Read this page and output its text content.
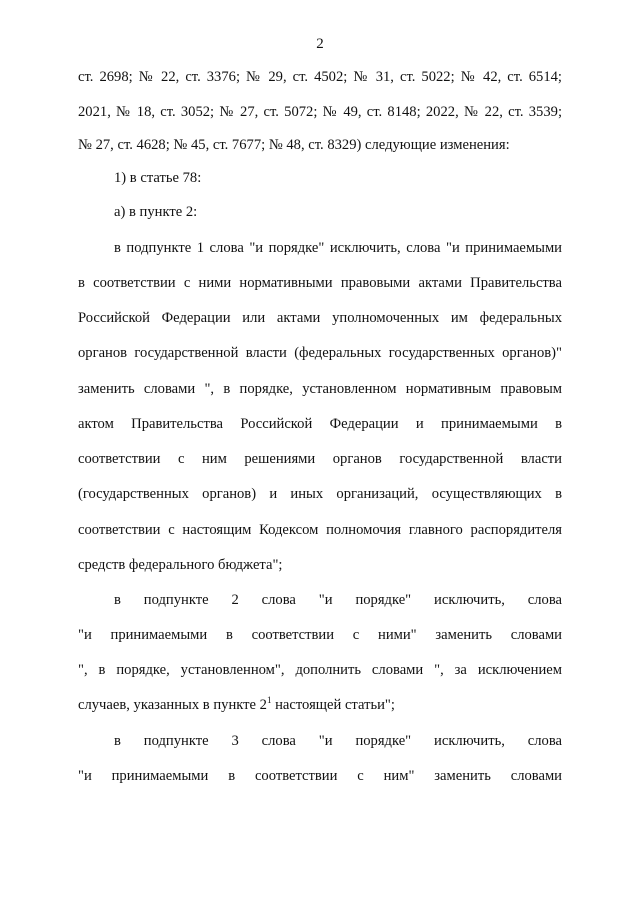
2
ст. 2698; № 22, ст. 3376; № 29, ст. 4502; № 31, ст. 5022; № 42, ст. 6514;
2021, № 18, ст. 3052; № 27, ст. 5072; № 49, ст. 8148; 2022, № 22, ст. 3539;
№ 27, ст. 4628; № 45, ст. 7677; № 48, ст. 8329) следующие изменения:
1) в статье 78:
а) в пункте 2:
в подпункте 1 слова "и порядке" исключить, слова "и принимаемыми
в соответствии с ними нормативными правовыми актами Правительства
Российской Федерации или актами уполномоченных им федеральных
органов государственной власти (федеральных государственных органов)"
заменить словами ", в порядке, установленном нормативным правовым
актом Правительства Российской Федерации и принимаемыми в
соответствии с ним решениями органов государственной власти
(государственных органов) и иных организаций, осуществляющих в
соответствии с настоящим Кодексом полномочия главного распорядителя
средств федерального бюджета";
в подпункте 2 слова "и порядке" исключить, слова
"и принимаемыми в соответствии с ними" заменить словами
", в порядке, установленном", дополнить словами ", за исключением
случаев, указанных в пункте $2^1$ настоящей статьи";
в подпункте 3 слова "и порядке" исключить, слова
"и принимаемыми в соответствии с ним" заменить словами
